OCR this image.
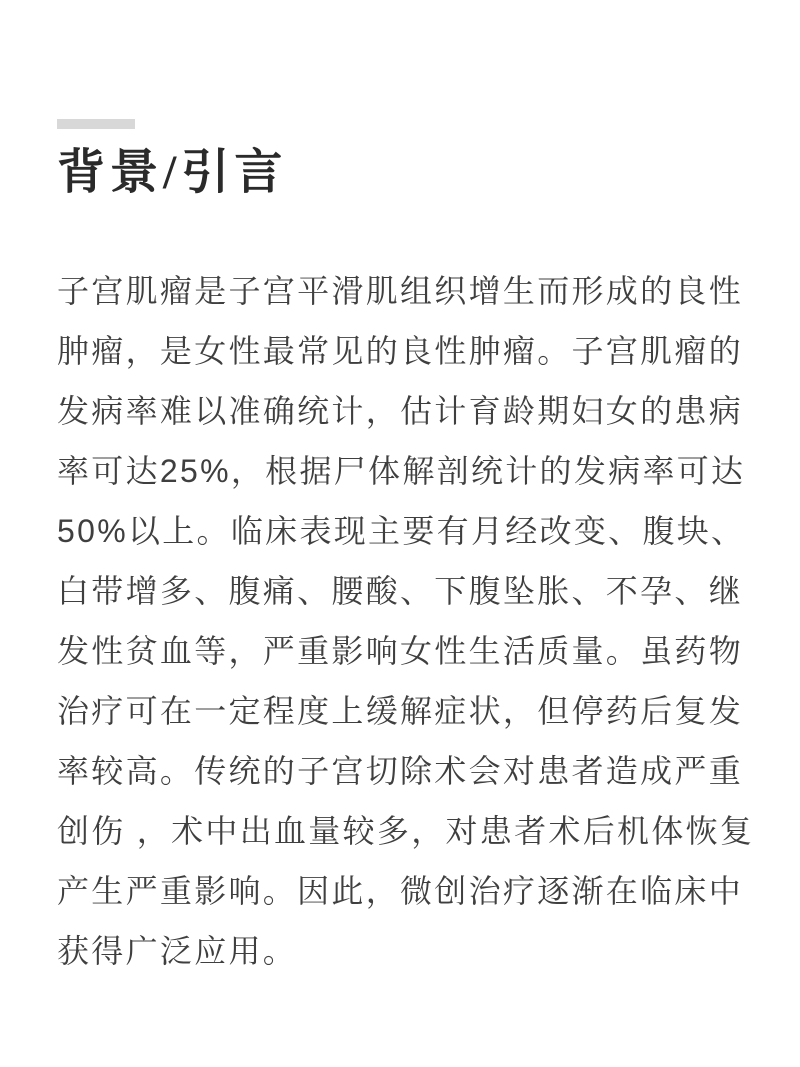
背景/引言
子宫肌瘤是子宫平滑肌组织增生而形成的良性
肿瘤，是女性最常见的良性肿瘤。子宫肌瘤的
发病率难以准确统计，估计育龄期妇女的患病
率可达25%，根据尸体解剖统计的发病率可达
50%以上。临床表现主要有月经改变、腹块、
白带增多、腹痛、腰酸、下腹坠胀、不孕、继
发性贫血等，严重影响女性生活质量。虽药物
治疗可在一定程度上缓解症状，但停药后复发
率较高。传统的子宫切除术会对患者造成严重
创伤 ，术中出血量较多，对患者术后机体恢复
产生严重影响。因此，微创治疗逐渐在临床中
获得广泛应用。
